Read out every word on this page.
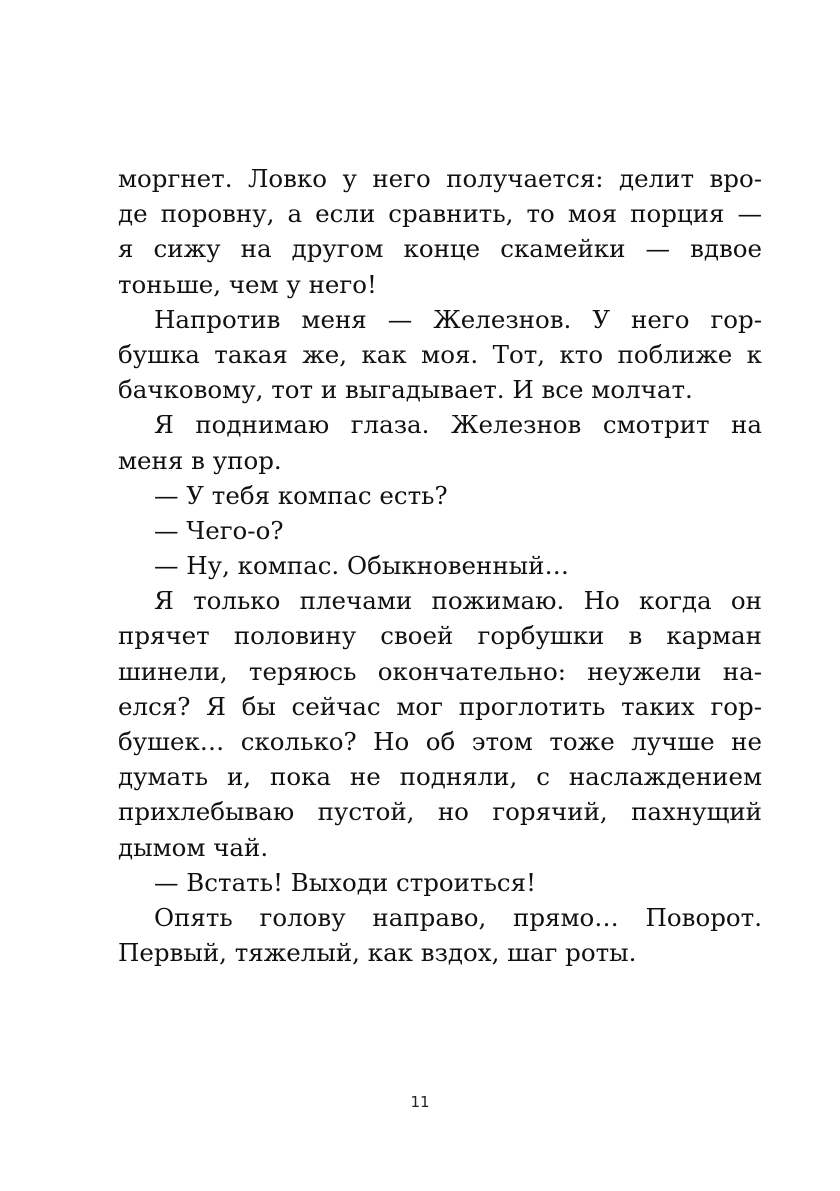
моргнет. Ловко у него получается: делит вро-
де поровну, а если сравнить, то моя порция —
я сижу на другом конце скамейки — вдвое
тоньше, чем у него!
Напротив меня — Железнов. У него гор-
бушка такая же, как моя. Тот, кто поближе к
бачковому, тот и выгадывает. И все молчат.
Я поднимаю глаза. Железнов смотрит на
меня в упор.
— У тебя компас есть?
— Чего-о?
— Ну, компас. Обыкновенный…
Я только плечами пожимаю. Но когда он
прячет половину своей горбушки в карман
шинели, теряюсь окончательно: неужели на-
елся? Я бы сейчас мог проглотить таких гор-
бушек… сколько? Но об этом тоже лучше не
думать и, пока не подняли, с наслаждением
прихлебываю пустой, но горячий, пахнущий
дымом чай.
— Встать! Выходи строиться!
Опять голову направо, прямо… Поворот.
Первый, тяжелый, как вздох, шаг роты.
11
